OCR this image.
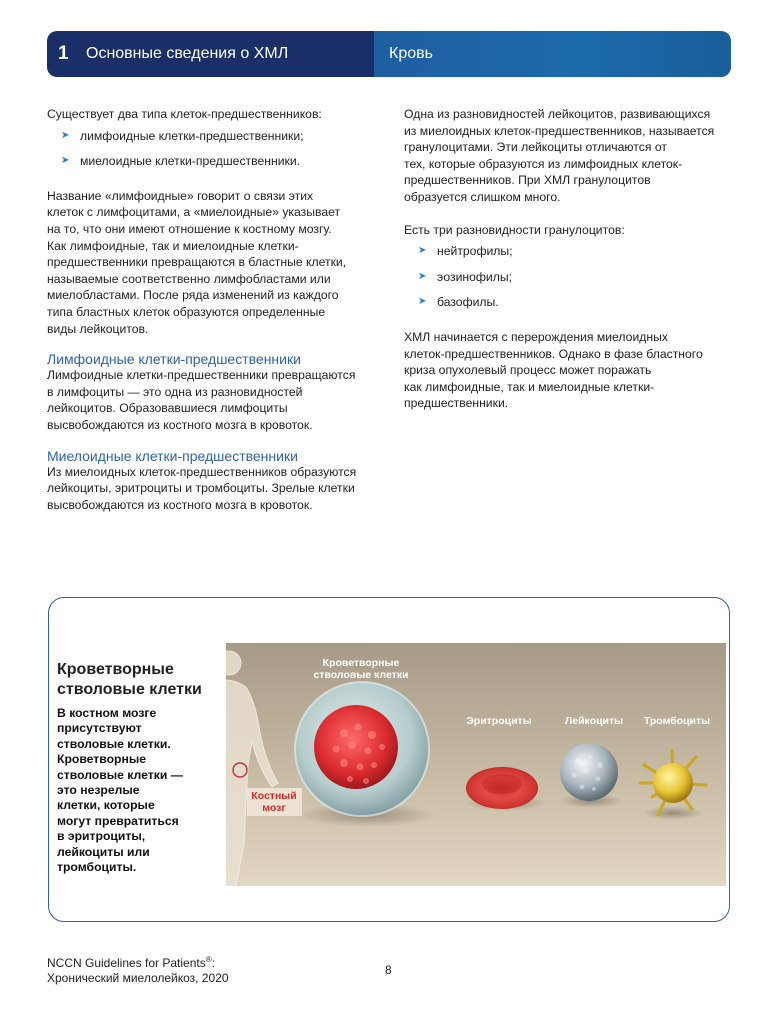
1	Основные сведения о ХМЛ	Кровь

Существует два типа клеток-предшественников:

➤ лимфоидные клетки-предшественники;
➤ миелоидные клетки-предшественники.

Название «лимфоидные» говорит о связи этих
клеток с лимфоцитами, а «миелоидные» указывает
на то, что они имеют отношение к костному мозгу.
Как лимфоидные, так и миелоидные клетки-
предшественники превращаются в бластные клетки,
называемые соответственно лимфобластами или
миелобластами. После ряда изменений из каждого
типа бластных клеток образуются определенные
виды лейкоцитов.

Лимфоидные клетки-предшественники

Лимфоидные клетки-предшественники превращаются
в лимфоциты — это одна из разновидностей
лейкоцитов. Образовавшиеся лимфоциты
высвобождаются из костного мозга в кровоток.

Миелоидные клетки-предшественники

Из миелоидных клеток-предшественников образуются
лейкоциты, эритроциты и тромбоциты. Зрелые клетки
высвобождаются из костного мозга в кровоток.

Одна из разновидностей лейкоцитов, развивающихся
из миелоидных клеток-предшественников, называется
гранулоцитами. Эти лейкоциты отличаются от
тех, которые образуются из лимфоидных клеток-
предшественников. При ХМЛ гранулоцитов
образуется слишком много.

Есть три разновидности гранулоцитов:

➤ нейтрофилы;
➤ эозинофилы;
➤ базофилы.

ХМЛ начинается с перерождения миелоидных
клеток-предшественников. Однако в фазе бластного
криза опухолевый процесс может поражать
как лимфоидные, так и миелоидные клетки-
предшественники.

Кроветворные
стволовые клетки
В костном мозге
присутствуют
стволовые клетки.
Кроветворные
стволовые клетки —
это незрелые
клетки, которые
могут превратиться
в эритроциты,
лейкоциты или
тромбоциты.
Кроветворные
стволовые клетки
Эритроциты	Лейкоциты Тромбоциты
Костный
мозг
NCCN Guidelines for Patients®:
Хронический миелолейкоз, 2020
8
